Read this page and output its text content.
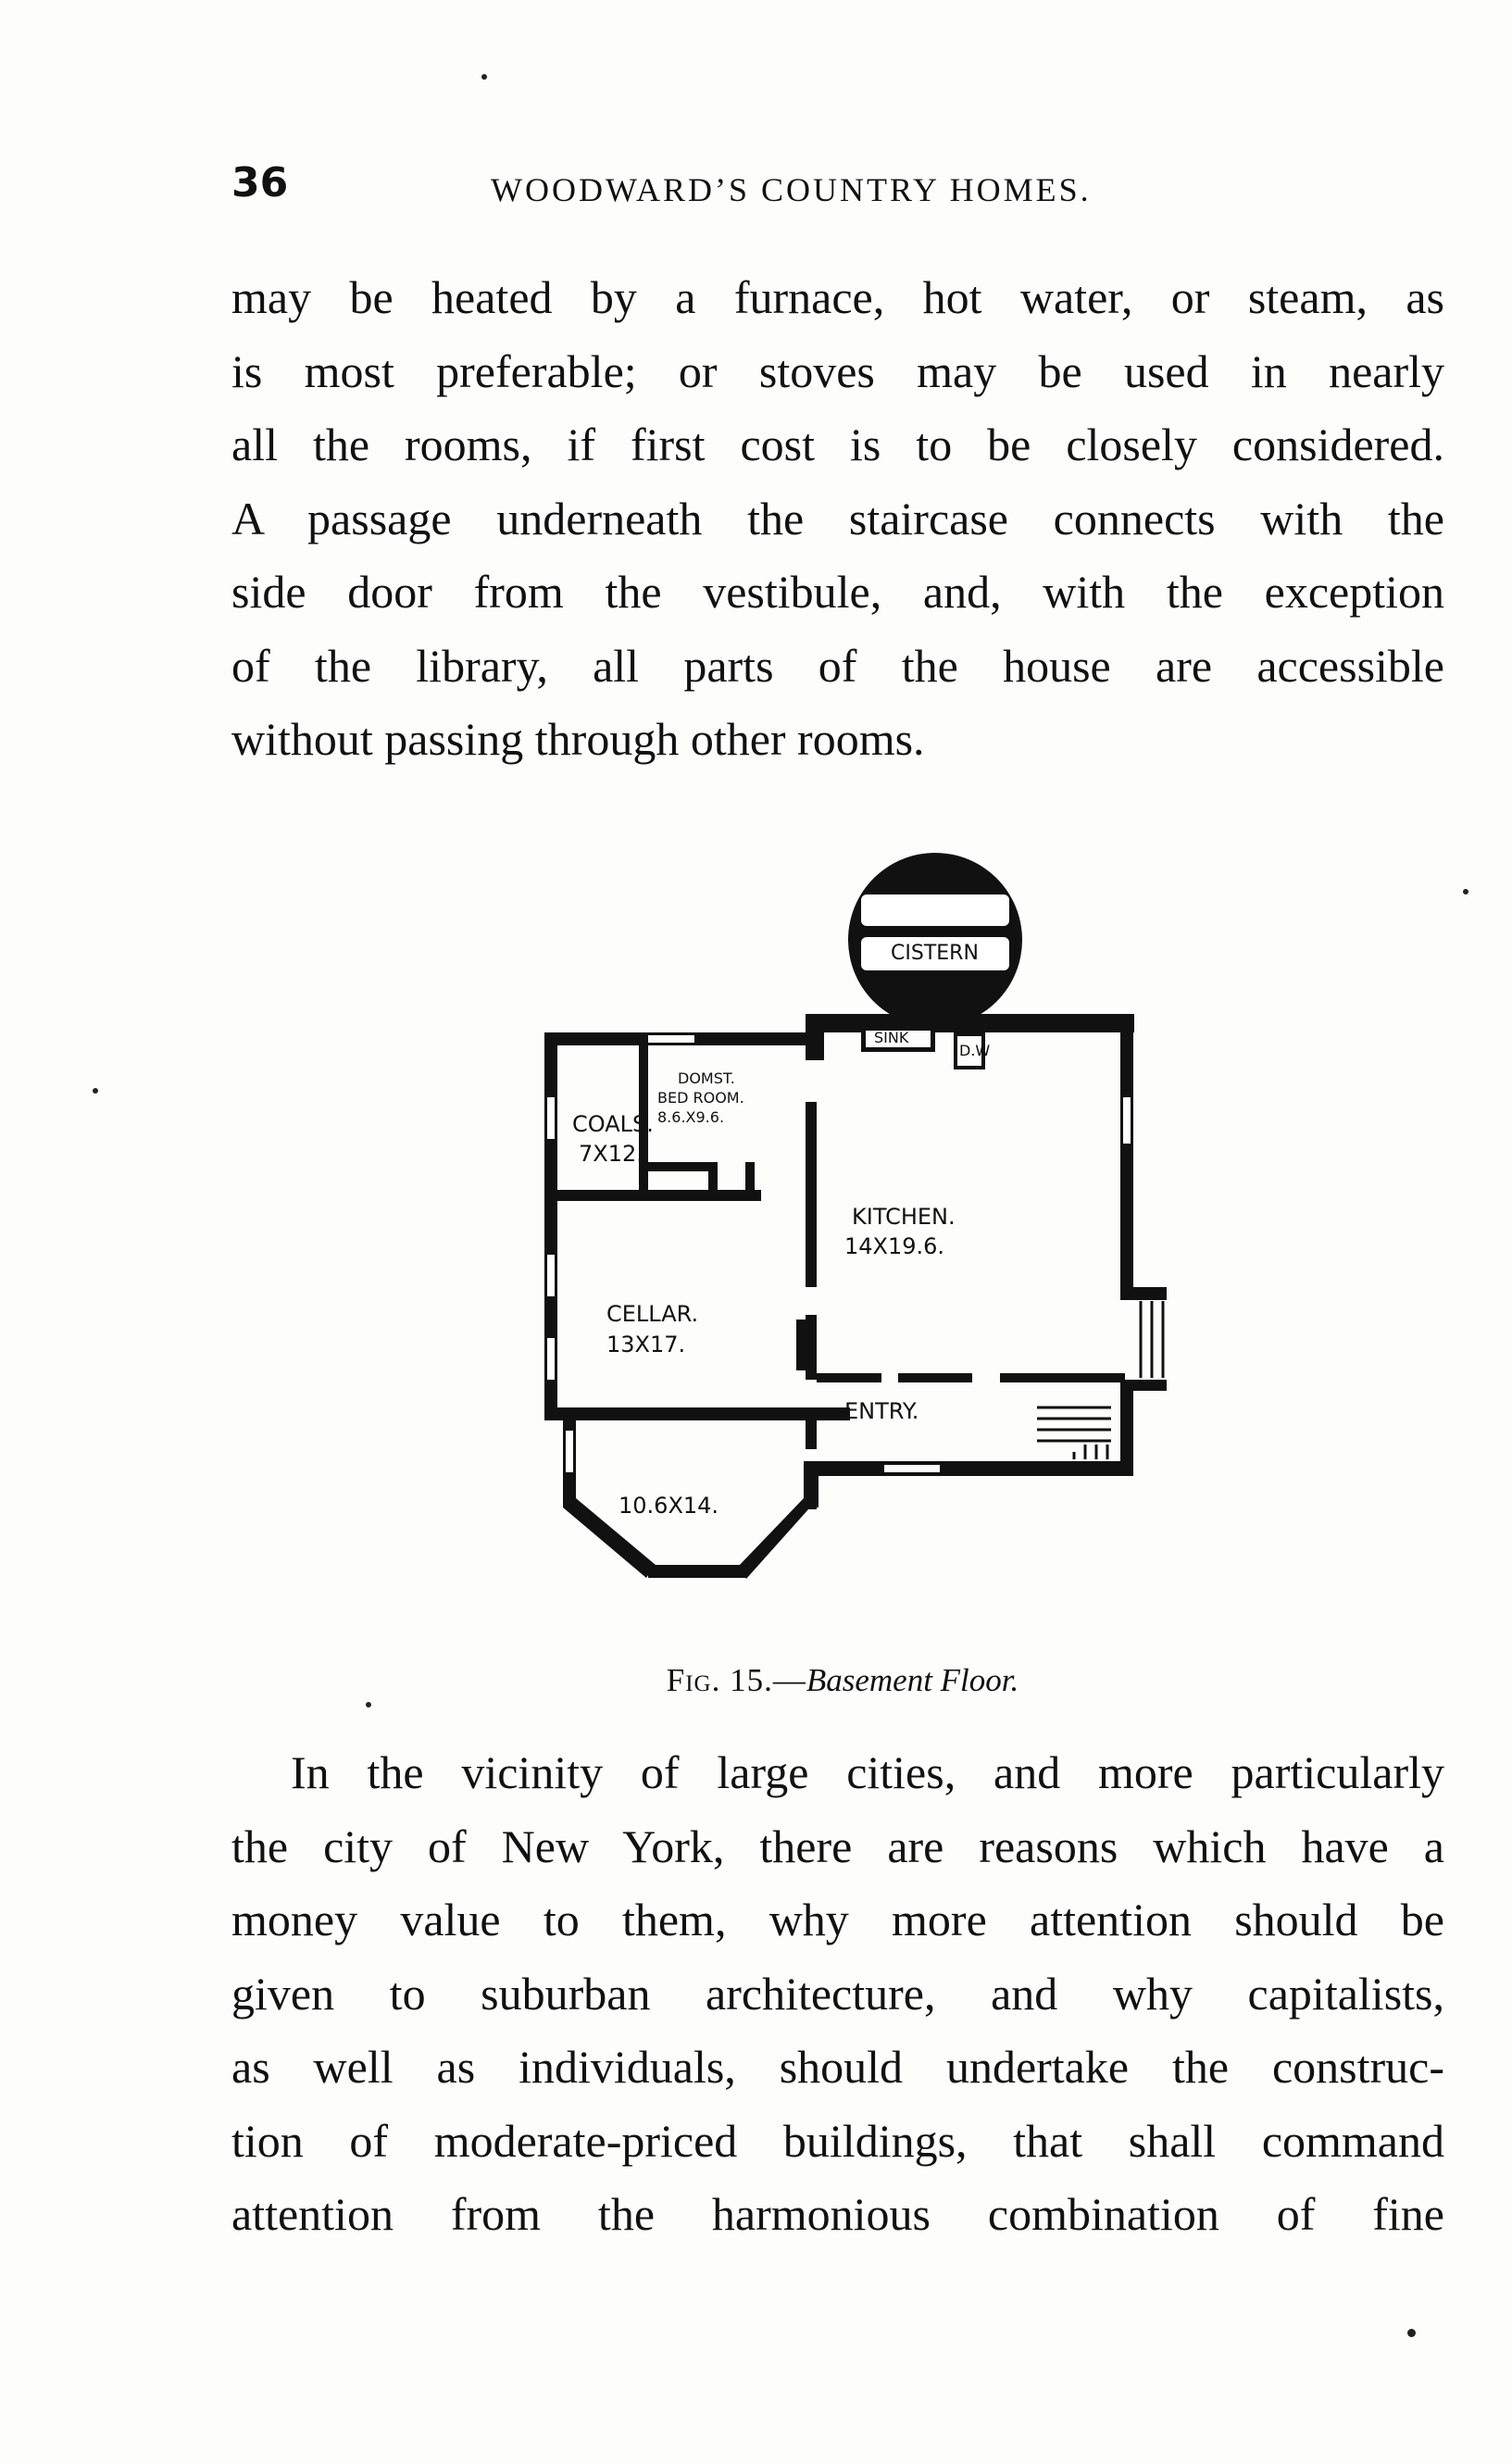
36	WOODWARD’S COUNTRY HOMES.
may be heated by a furnace, hot water, or steam, as
is most preferable; or stoves may be used in nearly
all the rooms, if first cost is to be closely considered.
A passage underneath the staircase connects with the
side door from the vestibule, and, with the exception
of the library, all parts of the house are accessible
without passing through other rooms.
FILTERING
CISTERN
SINK
D.W
COALS.
7X12.
DOMST.
BED ROOM.
8.6.X9.6.
KITCHEN.
14X19.6.
CELLAR.
13X17.
ENTRY.
10.6X14.
Fig. 15.—Basement Floor.
In the vicinity of large cities, and more particularly
the city of New York, there are reasons which have a
money value to them, why more attention should be
given to suburban architecture, and why capitalists,
as well as individuals, should undertake the construc-
tion of moderate-priced buildings, that shall command
attention from the harmonious combination of fine
